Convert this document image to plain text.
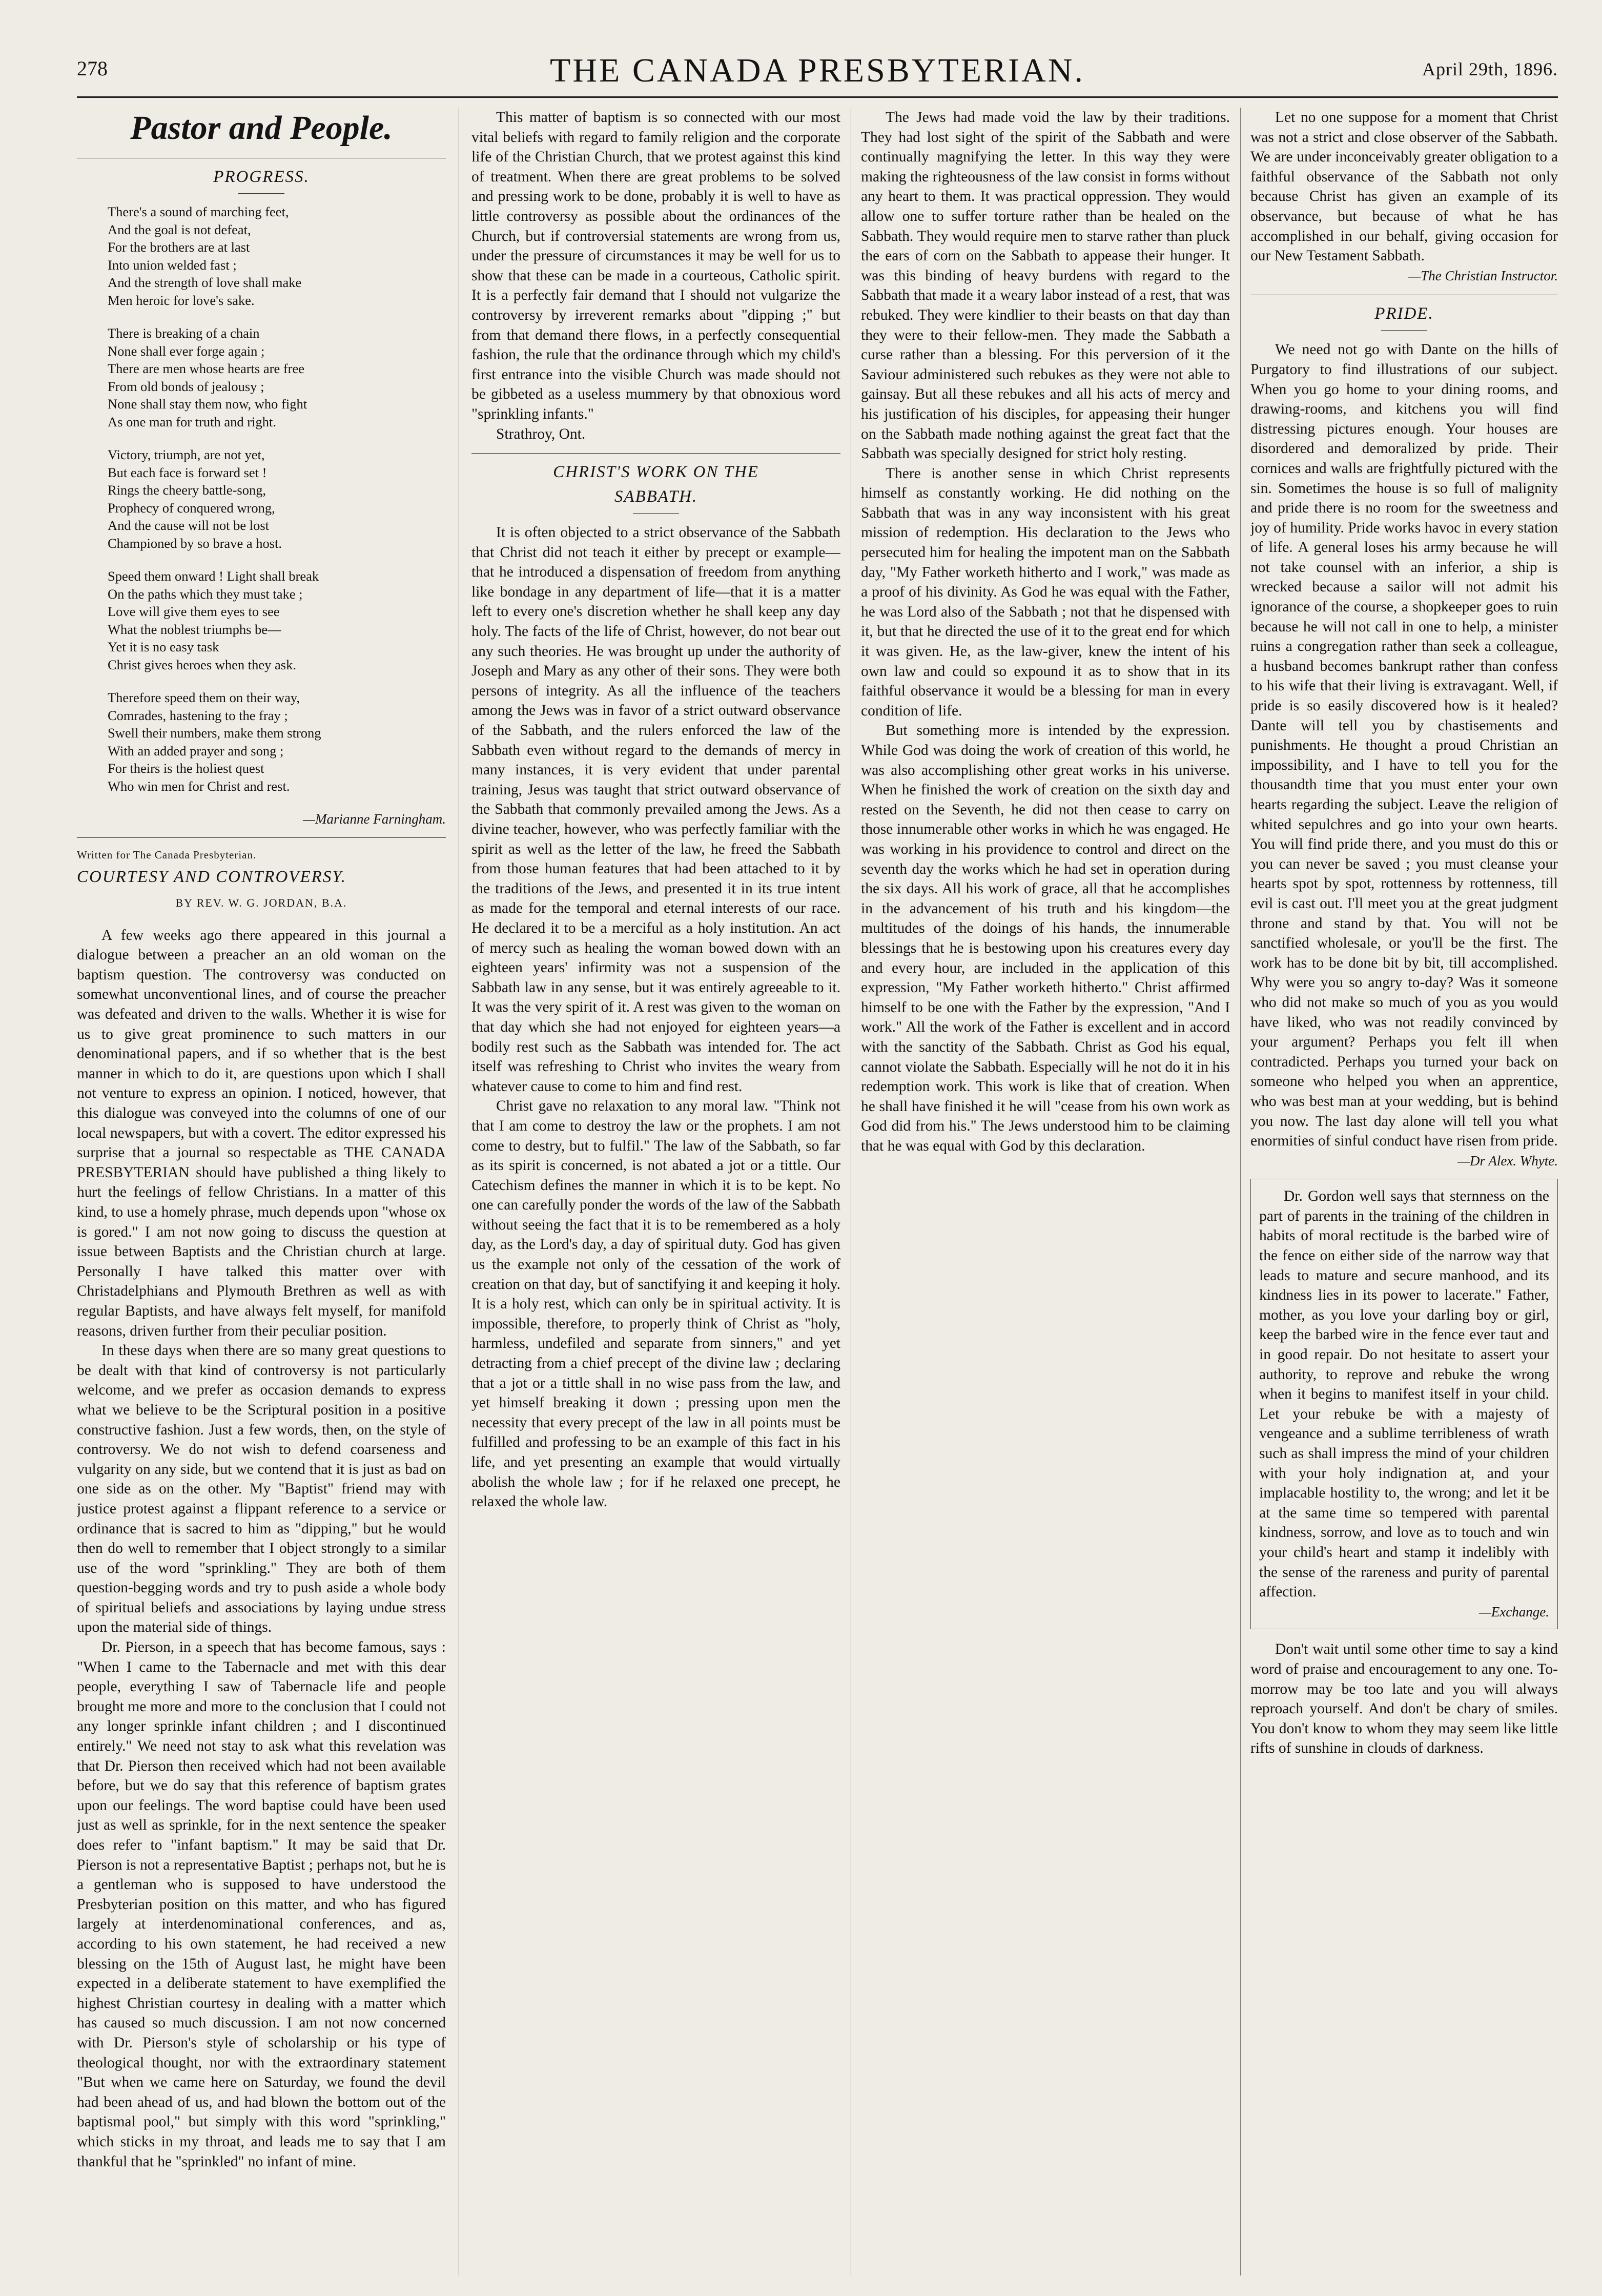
278	THE CANADA PRESBYTERIAN.	April 29th, 1896.
Pastor and People.
PROGRESS.
There's a sound of marching feet,
And the goal is not defeat,
For the brothers are at last
Into union welded fast ;
And the strength of love shall make
Men heroic for love's sake.
There is breaking of a chain
None shall ever forge again ;
There are men whose hearts are free
From old bonds of jealousy ;
None shall stay them now, who fight
As one man for truth and right.
Victory, triumph, are not yet,
But each face is forward set !
Rings the cheery battle-song,
Prophecy of conquered wrong,
And the cause will not be lost
Championed by so brave a host.
Speed them onward ! Light shall break
On the paths which they must take ;
Love will give them eyes to see
What the noblest triumphs be—
Yet it is no easy task
Christ gives heroes when they ask.
Therefore speed them on their way,
Comrades, hastening to the fray ;
Swell their numbers, make them strong
With an added prayer and song ;
For theirs is the holiest quest
Who win men for Christ and rest.
—Marianne Farningham.
Written for The Canada Presbyterian.
COURTESY AND CONTROVERSY.
BY REV. W. G. JORDAN, B.A.

A few weeks ago there appeared in this journal a dialogue between a preacher an an old woman on the baptism question. The controversy was conducted on somewhat unconventional lines, and of course the preacher was defeated and driven to the walls. Whether it is wise for us to give great prominence to such matters in our denominational papers, and if so whether that is the best manner in which to do it, are questions upon which I shall not venture to express an opinion. I noticed, however, that this dialogue was conveyed into the columns of one of our local newspapers, but with a covert. The editor expressed his surprise that a journal so respectable as THE CANADA PRESBYTERIAN should have published a thing likely to hurt the feelings of fellow Christians. In a matter of this kind, to use a homely phrase, much depends upon "whose ox is gored." I am not now going to discuss the question at issue between Baptists and the Christian church at large. Personally I have talked this matter over with Christadelphians and Plymouth Brethren as well as with regular Baptists, and have always felt myself, for manifold reasons, driven further from their peculiar position.

In these days when there are so many great questions to be dealt with that kind of controversy is not particularly welcome, and we prefer as occasion demands to express what we believe to be the Scriptural position in a positive constructive fashion. Just a few words, then, on the style of controversy. We do not wish to defend coarseness and vulgarity on any side, but we contend that it is just as bad on one side as on the other. My "Baptist" friend may with justice protest against a flippant reference to a service or ordinance that is sacred to him as "dipping," but he would then do well to remember that I object strongly to a similar use of the word "sprinkling." They are both of them question-begging words and try to push aside a whole body of spiritual beliefs and associations by laying undue stress upon the material side of things.

Dr. Pierson, in a speech that has become famous, says : "When I came to the Tabernacle and met with this dear people, everything I saw of Tabernacle life and people brought me more and more to the conclusion that I could not any longer sprinkle infant children ; and I discontinued entirely." We need not stay to ask what this revelation was that Dr. Pierson then received which had not been available before, but we do say that this reference of baptism grates upon our feelings. The word baptise could have been used just as well as sprinkle, for in the next sentence the speaker does refer to "infant baptism." It may be said that Dr. Pierson is not a representative Baptist ; perhaps not, but he is a gentleman who is supposed to have understood the Presbyterian position on this matter, and who has figured largely at interdenominational conferences, and as, according to his own statement, he had received a new blessing on the 15th of August last, he might have been expected in a deliberate statement to have exemplified the highest Christian courtesy in dealing with a matter which has caused so much discussion. I am not now concerned with Dr. Pierson's style of scholarship or his type of theological thought, nor with the extraordinary statement "But when we came here on Saturday, we found the devil had been ahead of us, and had blown the bottom out of the baptismal pool," but simply with this word "sprinkling," which sticks in my throat, and leads me to say that I am thankful that he "sprinkled" no infant of mine.

This matter of baptism is so connected with our most vital beliefs with regard to family religion and the corporate life of the Christian Church, that we protest against this kind of treatment. When there are great problems to be solved and pressing work to be done, probably it is well to have as little controversy as possible about the ordinances of the Church, but if controversial statements are wrong from us, under the pressure of circumstances it may be well for us to show that these can be made in a courteous, Catholic spirit. It is a perfectly fair demand that I should not vulgarize the controversy by irreverent remarks about "dipping ;" but from that demand there flows, in a perfectly consequential fashion, the rule that the ordinance through which my child's first entrance into the visible Church was made should not be gibbeted as a useless mummery by that obnoxious word "sprinkling infants."

Strathroy, Ont.
CHRIST'S WORK ON THE
SABBATH.

It is often objected to a strict observance of the Sabbath that Christ did not teach it either by precept or example—that he introduced a dispensation of freedom from anything like bondage in any department of life—that it is a matter left to every one's discretion whether he shall keep any day holy. The facts of the life of Christ, however, do not bear out any such theories. He was brought up under the authority of Joseph and Mary as any other of their sons. They were both persons of integrity. As all the influence of the teachers among the Jews was in favor of a strict outward observance of the Sabbath, and the rulers enforced the law of the Sabbath even without regard to the demands of mercy in many instances, it is very evident that under parental training, Jesus was taught that strict outward observance of the Sabbath that commonly prevailed among the Jews. As a divine teacher, however, who was perfectly familiar with the spirit as well as the letter of the law, he freed the Sabbath from those human features that had been attached to it by the traditions of the Jews, and presented it in its true intent as made for the temporal and eternal interests of our race. He declared it to be a merciful as a holy institution. An act of mercy such as healing the woman bowed down with an eighteen years' infirmity was not a suspension of the Sabbath law in any sense, but it was entirely agreeable to it. It was the very spirit of it. A rest was given to the woman on that day which she had not enjoyed for eighteen years—a bodily rest such as the Sabbath was intended for. The act itself was refreshing to Christ who invites the weary from whatever cause to come to him and find rest.

Christ gave no relaxation to any moral law. "Think not that I am come to destroy the law or the prophets. I am not come to destry, but to fulfil." The law of the Sabbath, so far as its spirit is concerned, is not abated a jot or a tittle. Our Catechism defines the manner in which it is to be kept. No one can carefully ponder the words of the law of the Sabbath without seeing the fact that it is to be remembered as a holy day, as the Lord's day, a day of spiritual duty. God has given us the example not only of the cessation of the work of creation on that day, but of sanctifying it and keeping it holy. It is a holy rest, which can only be in spiritual activity. It is impossible, therefore, to properly think of Christ as "holy, harmless, undefiled and separate from sinners," and yet detracting from a chief precept of the divine law ; declaring that a jot or a tittle shall in no wise pass from the law, and yet himself breaking it down ; pressing upon men the necessity that every precept of the law in all points must be fulfilled and professing to be an example of this fact in his life, and yet presenting an example that would virtually abolish the whole law ; for if he relaxed one precept, he relaxed the whole law.

The Jews had made void the law by their traditions. They had lost sight of the spirit of the Sabbath and were continually magnifying the letter. In this way they were making the righteousness of the law consist in forms without any heart to them. It was practical oppression. They would allow one to suffer torture rather than be healed on the Sabbath. They would require men to starve rather than pluck the ears of corn on the Sabbath to appease their hunger. It was this binding of heavy burdens with regard to the Sabbath that made it a weary labor instead of a rest, that was rebuked. They were kindlier to their beasts on that day than they were to their fellow-men. They made the Sabbath a curse rather than a blessing. For this perversion of it the Saviour administered such rebukes as they were not able to gainsay. But all these rebukes and all his acts of mercy and his justification of his disciples, for appeasing their hunger on the Sabbath made nothing against the great fact that the Sabbath was specially designed for strict holy resting.

There is another sense in which Christ represents himself as constantly working. He did nothing on the Sabbath that was in any way inconsistent with his great mission of redemption. His declaration to the Jews who persecuted him for healing the impotent man on the Sabbath day, "My Father worketh hitherto and I work," was made as a proof of his divinity. As God he was equal with the Father, he was Lord also of the Sabbath ; not that he dispensed with it, but that he directed the use of it to the great end for which it was given. He, as the law-giver, knew the intent of his own law and could so expound it as to show that in its faithful observance it would be a blessing for man in every condition of life.

But something more is intended by the expression. While God was doing the work of creation of this world, he was also accomplishing other great works in his universe. When he finished the work of creation on the sixth day and rested on the Seventh, he did not then cease to carry on those innumerable other works in which he was engaged. He was working in his providence to control and direct on the seventh day the works which he had set in operation during the six days. All his work of grace, all that he accomplishes in the advancement of his truth and his kingdom—the multitudes of the doings of his hands, the innumerable blessings that he is bestowing upon his creatures every day and every hour, are included in the application of this expression, "My Father worketh hitherto." Christ affirmed himself to be one with the Father by the expression, "And I work." All the work of the Father is excellent and in accord with the sanctity of the Sabbath. Christ as God his equal, cannot violate the Sabbath. Especially will he not do it in his redemption work. This work is like that of creation. When he shall have finished it he will "cease from his own work as God did from his." The Jews understood him to be claiming that he was equal with God by this declaration.

Let no one suppose for a moment that Christ was not a strict and close observer of the Sabbath. We are under inconceivably greater obligation to a faithful observance of the Sabbath not only because Christ has given an example of its observance, but because of what he has accomplished in our behalf, giving occasion for our New Testament Sabbath.

—The Christian Instructor.
PRIDE.

We need not go with Dante on the hills of Purgatory to find illustrations of our subject. When you go home to your dining rooms, and drawing-rooms, and kitchens you will find distressing pictures enough. Your houses are disordered and demoralized by pride. Their cornices and walls are frightfully pictured with the sin. Sometimes the house is so full of malignity and pride there is no room for the sweetness and joy of humility. Pride works havoc in every station of life. A general loses his army because he will not take counsel with an inferior, a ship is wrecked because a sailor will not admit his ignorance of the course, a shopkeeper goes to ruin because he will not call in one to help, a minister ruins a congregation rather than seek a colleague, a husband becomes bankrupt rather than confess to his wife that their living is extravagant. Well, if pride is so easily discovered how is it healed? Dante will tell you by chastisements and punishments. He thought a proud Christian an impossibility, and I have to tell you for the thousandth time that you must enter your own hearts regarding the subject. Leave the religion of whited sepulchres and go into your own hearts. You will find pride there, and you must do this or you can never be saved ; you must cleanse your hearts spot by spot, rottenness by rottenness, till evil is cast out. I'll meet you at the great judgment throne and stand by that. You will not be sanctified wholesale, or you'll be the first. The work has to be done bit by bit, till accomplished. Why were you so angry to-day? Was it someone who did not make so much of you as you would have liked, who was not readily convinced by your argument? Perhaps you felt ill when contradicted. Perhaps you turned your back on someone who helped you when an apprentice, who was best man at your wedding, but is behind you now. The last day alone will tell you what enormities of sinful conduct have risen from pride.

—Dr Alex. Whyte.

Dr. Gordon well says that sternness on the part of parents in the training of the children in habits of moral rectitude is the barbed wire of the fence on either side of the narrow way that leads to mature and secure manhood, and its kindness lies in its power to lacerate." Father, mother, as you love your darling boy or girl, keep the barbed wire in the fence ever taut and in good repair. Do not hesitate to assert your authority, to reprove and rebuke the wrong when it begins to manifest itself in your child. Let your rebuke be with a majesty of vengeance and a sublime terribleness of wrath such as shall impress the mind of your children with your holy indignation at, and your implacable hostility to, the wrong; and let it be at the same time so tempered with parental kindness, sorrow, and love as to touch and win your child's heart and stamp it indelibly with the sense of the rareness and purity of parental affection.

—Exchange.

Don't wait until some other time to say a kind word of praise and encouragement to any one. To-morrow may be too late and you will always reproach yourself. And don't be chary of smiles. You don't know to whom they may seem like little rifts of sunshine in clouds of darkness.
